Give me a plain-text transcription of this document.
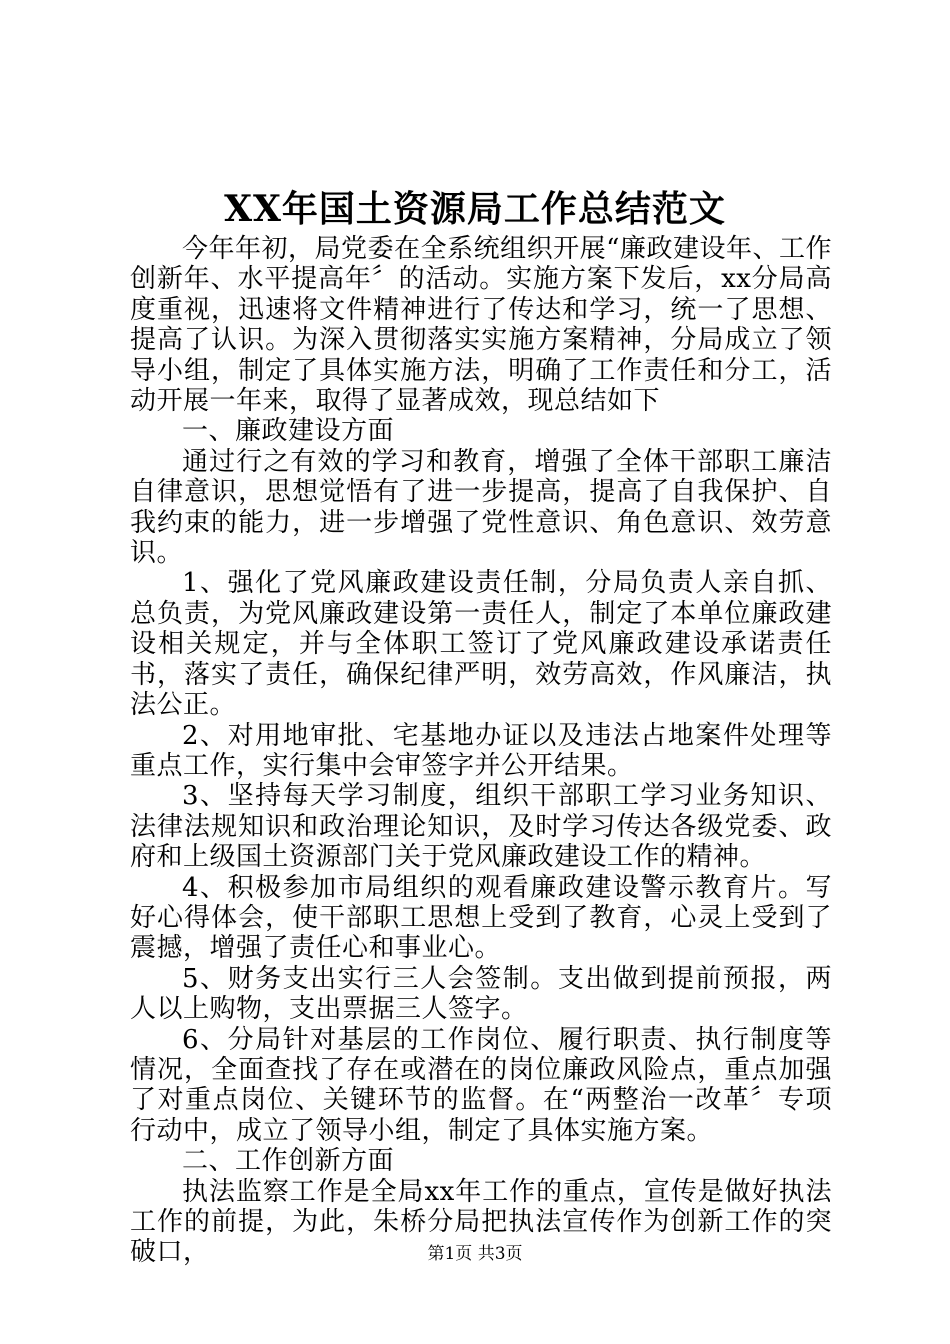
XX年国土资源局工作总结范文

今年年初，局党委在全系统组织开展“廉政建设年、工作创新年、水平提高年〞的活动。实施方案下发后，xx分局高度重视，迅速将文件精神进行了传达和学习，统一了思想、提高了认识。为深入贯彻落实实施方案精神，分局成立了领导小组，制定了具体实施方法，明确了工作责任和分工，活动开展一年来，取得了显著成效，现总结如下

一、廉政建设方面

通过行之有效的学习和教育，增强了全体干部职工廉洁自律意识，思想觉悟有了进一步提高，提高了自我保护、自我约束的能力，进一步增强了党性意识、角色意识、效劳意识。

1、强化了党风廉政建设责任制，分局负责人亲自抓、总负责，为党风廉政建设第一责任人，制定了本单位廉政建设相关规定，并与全体职工签订了党风廉政建设承诺责任书，落实了责任，确保纪律严明，效劳高效，作风廉洁，执法公正。

2、对用地审批、宅基地办证以及违法占地案件处理等重点工作，实行集中会审签字并公开结果。

3、坚持每天学习制度，组织干部职工学习业务知识、法律法规知识和政治理论知识，及时学习传达各级党委、政府和上级国土资源部门关于党风廉政建设工作的精神。

4、积极参加市局组织的观看廉政建设警示教育片。写好心得体会，使干部职工思想上受到了教育，心灵上受到了震撼，增强了责任心和事业心。

5、财务支出实行三人会签制。支出做到提前预报，两人以上购物，支出票据三人签字。

6、分局针对基层的工作岗位、履行职责、执行制度等情况，全面查找了存在或潜在的岗位廉政风险点，重点加强了对重点岗位、关键环节的监督。在“两整治一改革〞专项行动中，成立了领导小组，制定了具体实施方案。

二、工作创新方面

执法监察工作是全局xx年工作的重点，宣传是做好执法工作的前提，为此，朱桥分局把执法宣传作为创新工作的突破口，	第1页 共3页
